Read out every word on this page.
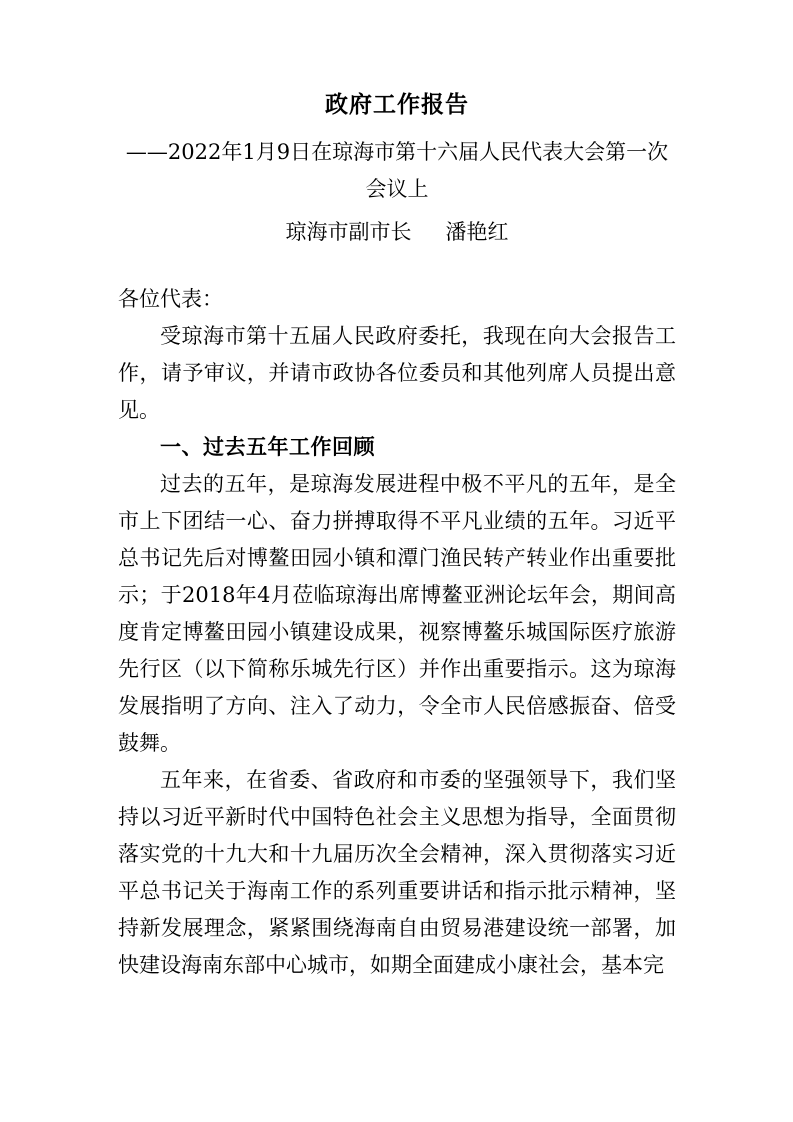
政府工作报告
——2022年1月9日在琼海市第十六届人民代表大会第一次会议上
琼海市副市长 潘艳红
各位代表：

受琼海市第十五届人民政府委托，我现在向大会报告工作，请予审议，并请市政协各位委员和其他列席人员提出意见。

一、过去五年工作回顾

过去的五年，是琼海发展进程中极不平凡的五年，是全市上下团结一心、奋力拼搏取得不平凡业绩的五年。习近平总书记先后对博鳌田园小镇和潭门渔民转产转业作出重要批示；于2018年4月莅临琼海出席博鳌亚洲论坛年会，期间高度肯定博鳌田园小镇建设成果，视察博鳌乐城国际医疗旅游先行区（以下简称乐城先行区）并作出重要指示。这为琼海发展指明了方向、注入了动力，令全市人民倍感振奋、倍受鼓舞。

五年来，在省委、省政府和市委的坚强领导下，我们坚持以习近平新时代中国特色社会主义思想为指导，全面贯彻落实党的十九大和十九届历次全会精神，深入贯彻落实习近平总书记关于海南工作的系列重要讲话和指示批示精神，坚持新发展理念，紧紧围绕海南自由贸易港建设统一部署，加快建设海南东部中心城市，如期全面建成小康社会，基本完
